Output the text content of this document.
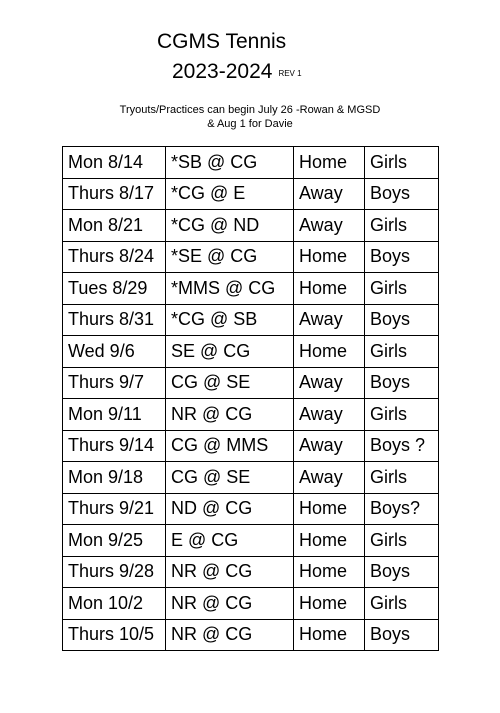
CGMS Tennis
2023-2024 REV 1
Tryouts/Practices can begin July 26 -Rowan & MGSD
& Aug 1 for Davie
Mon 8/14	*SB @ CG	Home	Girls
Thurs 8/17	*CG @ E	Away	Boys
Mon 8/21	*CG @ ND	Away	Girls
Thurs 8/24	*SE @ CG	Home	Boys
Tues 8/29	*MMS @ CG	Home	Girls
Thurs 8/31	*CG @ SB	Away	Boys
Wed 9/6	SE @ CG	Home	Girls
Thurs 9/7	CG @ SE	Away	Boys
Mon 9/11	NR @ CG	Away	Girls
Thurs 9/14	CG @ MMS	Away	Boys ?
Mon 9/18	CG @ SE	Away	Girls
Thurs 9/21	ND @ CG	Home	Boys?
Mon 9/25	E @ CG	Home	Girls
Thurs 9/28	NR @ CG	Home	Boys
Mon 10/2	NR @ CG	Home	Girls
Thurs 10/5	NR @ CG	Home	Boys
